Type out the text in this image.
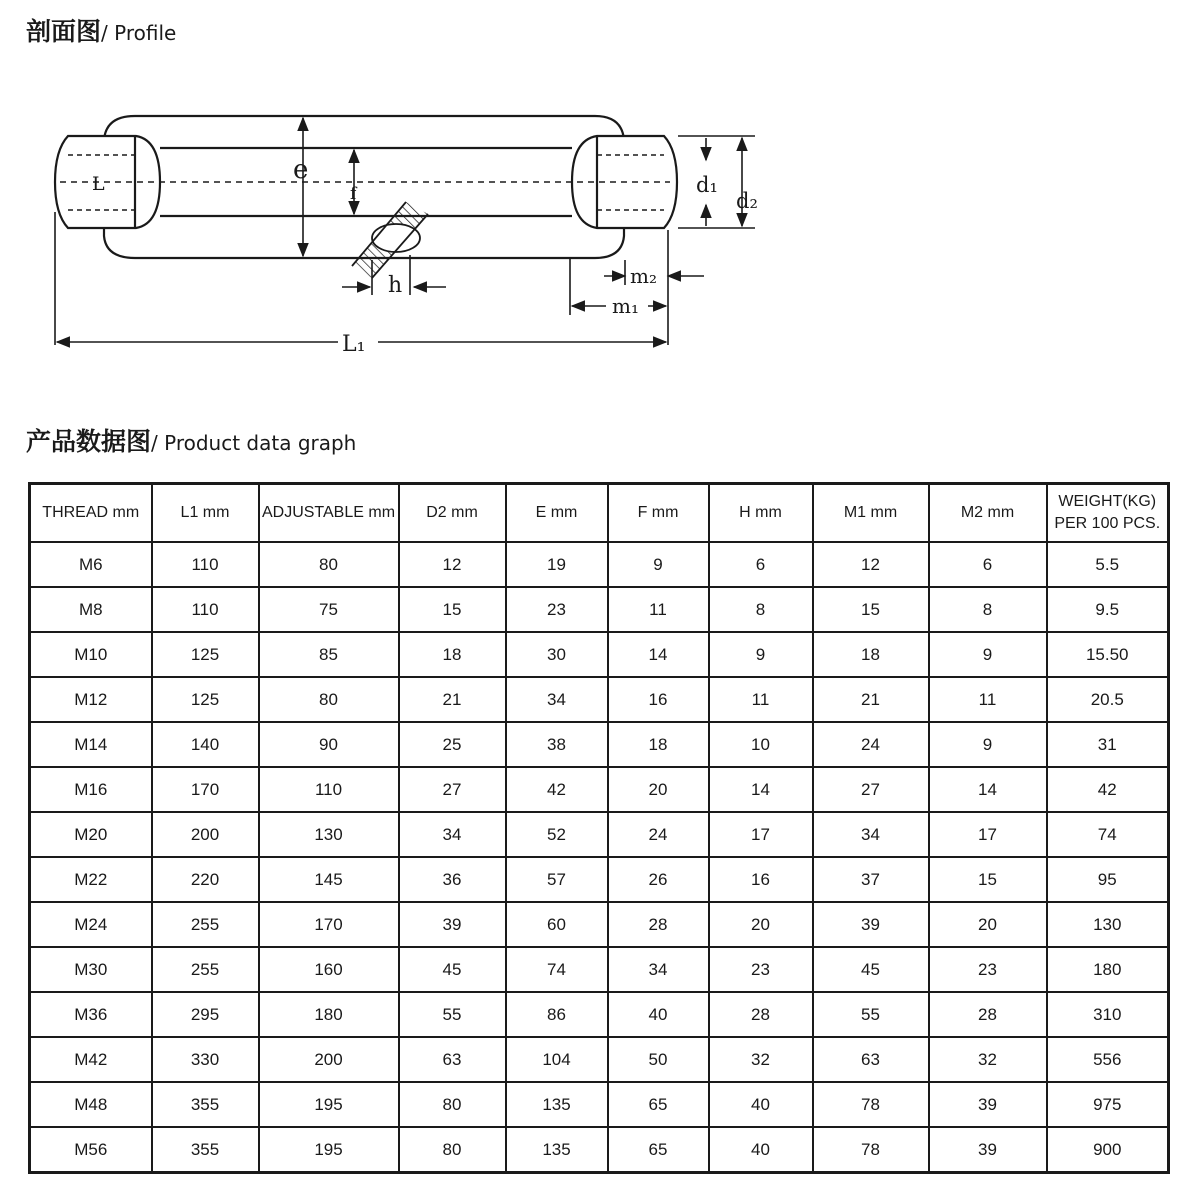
剖面图/ Profile
L	e
f
h
d₁
d₂
m₂
m₁
L₁
产品数据图/ Product data graph
THREAD mm	L1 mm	ADJUSTABLE mm	D2 mm	E mm	F mm	H mm	M1 mm	M2 mm	WEIGHT(KG)
PER 100 PCS.
M6	110	80	12	19	9	6	12	6	5.5
M8	110	75	15	23	11	8	15	8	9.5
M10	125	85	18	30	14	9	18	9	15.50
M12	125	80	21	34	16	11	21	11	20.5
M14	140	90	25	38	18	10	24	9	31
M16	170	110	27	42	20	14	27	14	42
M20	200	130	34	52	24	17	34	17	74
M22	220	145	36	57	26	16	37	15	95
M24	255	170	39	60	28	20	39	20	130
M30	255	160	45	74	34	23	45	23	180
M36	295	180	55	86	40	28	55	28	310
M42	330	200	63	104	50	32	63	32	556
M48	355	195	80	135	65	40	78	39	975
M56	355	195	80	135	65	40	78	39	900
